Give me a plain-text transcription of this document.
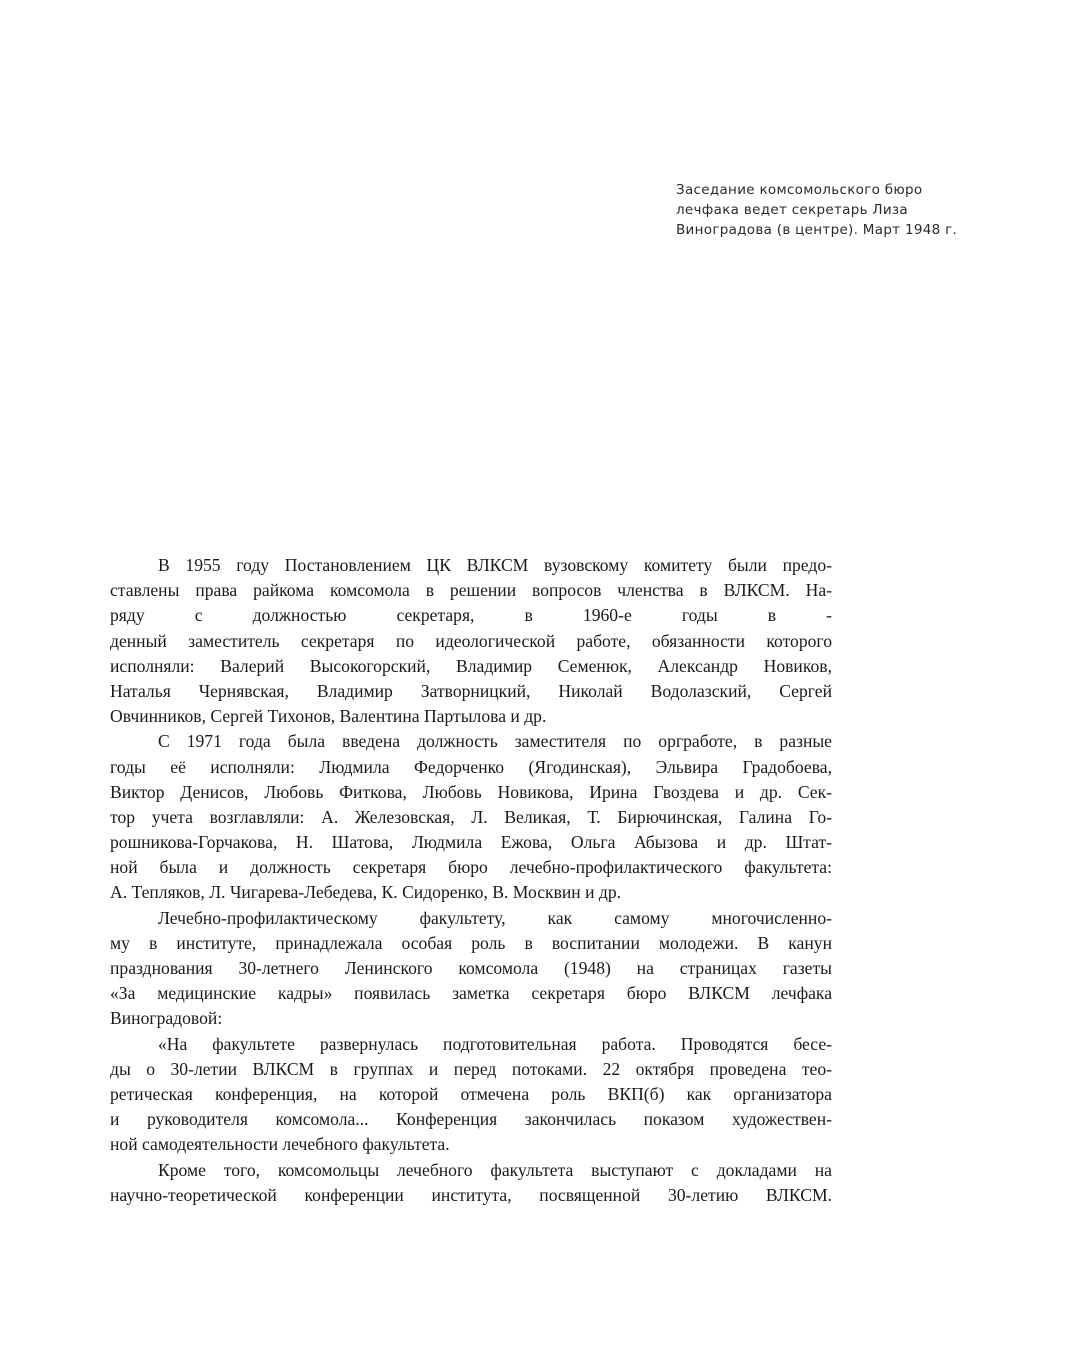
Заседание комсомольского бюро
лечфака ведет секретарь Лиза
Виноградова (в центре). Март 1948 г.
В 1955 году Постановлением ЦК ВЛКСМ вузовскому комитету были предо-
ставлены права райкома комсомола в решении вопросов членства в ВЛКСМ. На-
ряду с должностью секретаря, в 1960-е годы в -
денный заместитель секретаря по идеологической работе, обязанности которого
исполняли: Валерий Высокогорский, Владимир Семенюк, Александр Новиков,
Наталья Чернявская, Владимир Затворницкий, Николай Водолазский, Сергей
Овчинников, Сергей Тихонов, Валентина Партылова и др.
С 1971 года была введена должность заместителя по оргработе, в разные
годы её исполняли: Людмила Федорченко (Ягодинская), Эльвира Градобоева,
Виктор Денисов, Любовь Фиткова, Любовь Новикова, Ирина Гвоздева и др. Сек-
тор учета возглавляли: А. Железовская, Л. Великая, Т. Бирючинская, Галина Го-
рошникова-Горчакова, Н. Шатова, Людмила Ежова, Ольга Абызова и др. Штат-
ной была и должность секретаря бюро лечебно-профилактического факультета:
А. Тепляков, Л. Чигарева-Лебедева, К. Сидоренко, В. Москвин и др.
Лечебно-профилактическому факультету, как самому многочисленно-
му в институте, принадлежала особая роль в воспитании молодежи. В канун
празднования 30-летнего Ленинского комсомола (1948) на страницах газеты
«За медицинские кадры» появилась заметка секретаря бюро ВЛКСМ лечфака
Виноградовой:
«На факультете развернулась подготовительная работа. Проводятся бесе-
ды о 30-летии ВЛКСМ в группах и перед потоками. 22 октября проведена тео-
ретическая конференция, на которой отмечена роль ВКП(б) как организатора
и руководителя комсомола... Конференция закончилась показом художествен-
ной самодеятельности лечебного факультета.
Кроме того, комсомольцы лечебного факультета выступают с докладами на
научно-теоретической конференции института, посвященной 30-летию ВЛКСМ.
